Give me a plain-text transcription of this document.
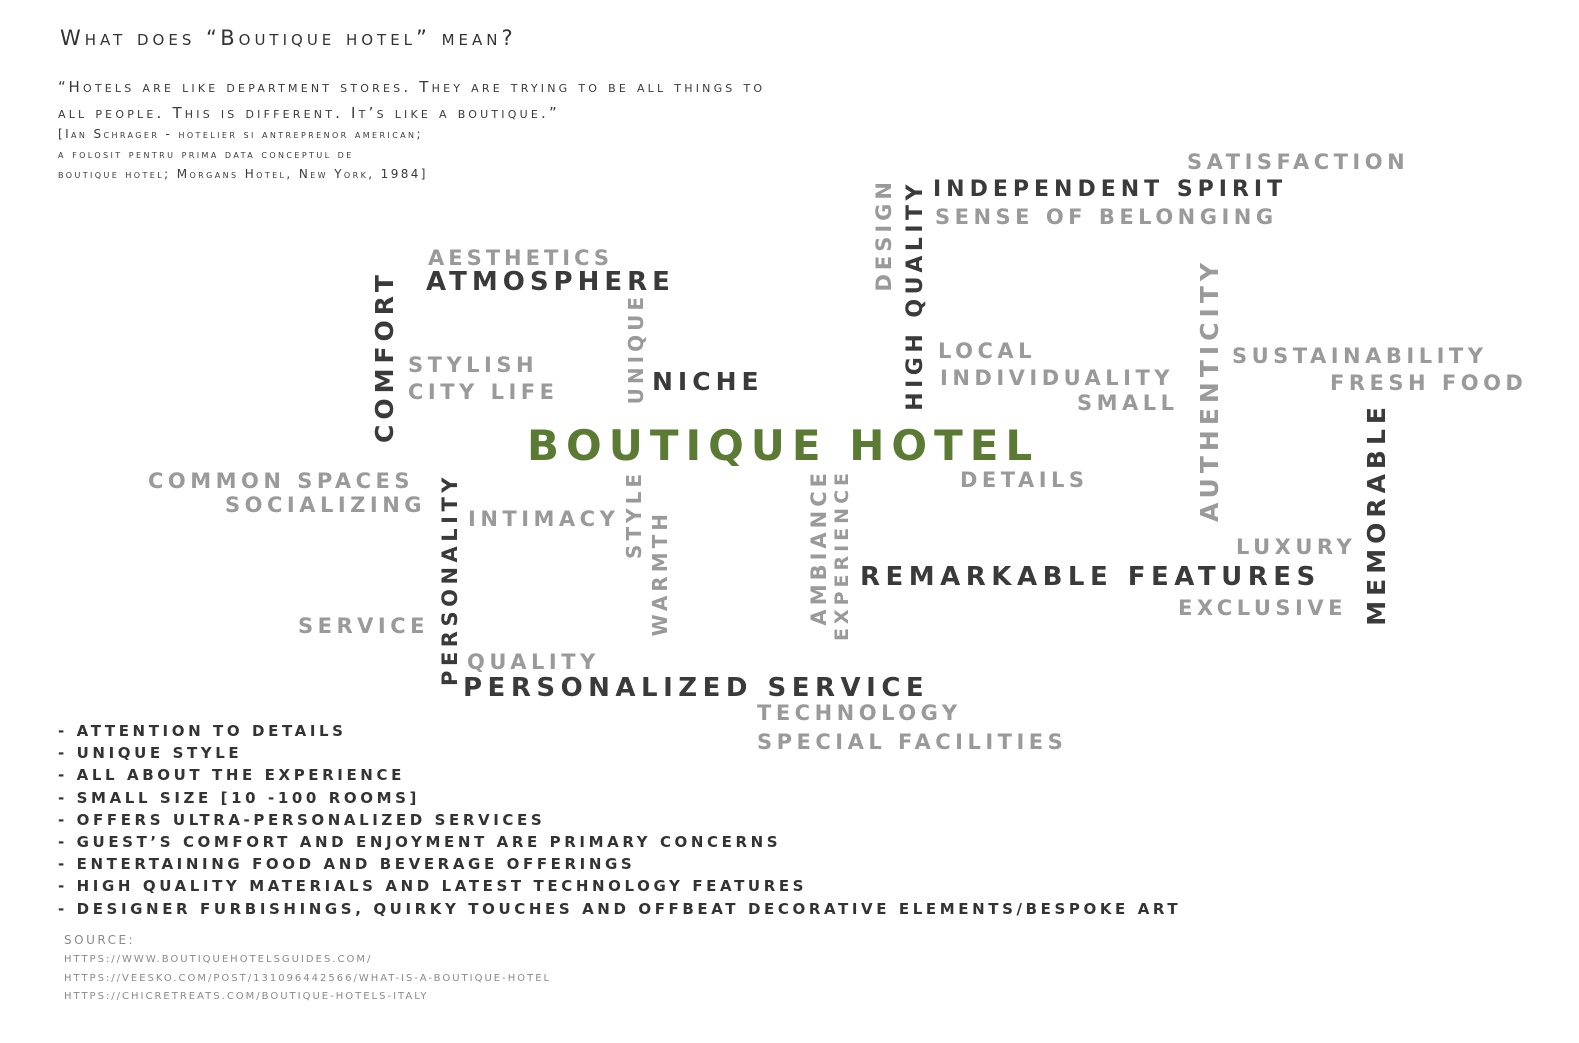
What does “Boutique hotel” mean?
“Hotels are like department stores. They are trying to be all things to
all people. This is different. It’s like a boutique.”
[Ian Schrager - hotelier si antreprenor american;
a folosit pentru prima data conceptul de
boutique hotel; Morgans Hotel, New York, 1984]
BOUTIQUE HOTEL
AESTHETICS
ATMOSPHERE
COMFORT STYLISH
CITY LIFE	UNIQUE NICHE
DESIGN HIGH QUALITY INDEPENDENT SPIRIT
SENSE OF BELONGING
SATISFACTION
LOCAL
INDIVIDUALITY
SMALL AUTHENTICITY SUSTAINABILITY
FRESH FOOD
MEMORABLE
COMMON SPACES
SOCIALIZING PERSONALITY INTIMACY STYLE WARMTH	AMBIANCE EXPERIENCE	DETAILS
LUXURY
REMARKABLE FEATURES
EXCLUSIVE
SERVICE
QUALITY
PERSONALIZED SERVICE
TECHNOLOGY
SPECIAL FACILITIES
- ATTENTION TO DETAILS
- UNIQUE STYLE
- ALL ABOUT THE EXPERIENCE
- SMALL SIZE [10 -100 ROOMS]
- OFFERS ULTRA-PERSONALIZED SERVICES
- GUEST’S COMFORT AND ENJOYMENT ARE PRIMARY CONCERNS
- ENTERTAINING FOOD AND BEVERAGE OFFERINGS
- HIGH QUALITY MATERIALS AND LATEST TECHNOLOGY FEATURES
- DESIGNER FURBISHINGS, QUIRKY TOUCHES AND OFFBEAT DECORATIVE ELEMENTS/BESPOKE ART
SOURCE:
HTTPS://WWW.BOUTIQUEHOTELSGUIDES.COM/
HTTPS://VEESKO.COM/POST/131096442566/WHAT-IS-A-BOUTIQUE-HOTEL
HTTPS://CHICRETREATS.COM/BOUTIQUE-HOTELS-ITALY
